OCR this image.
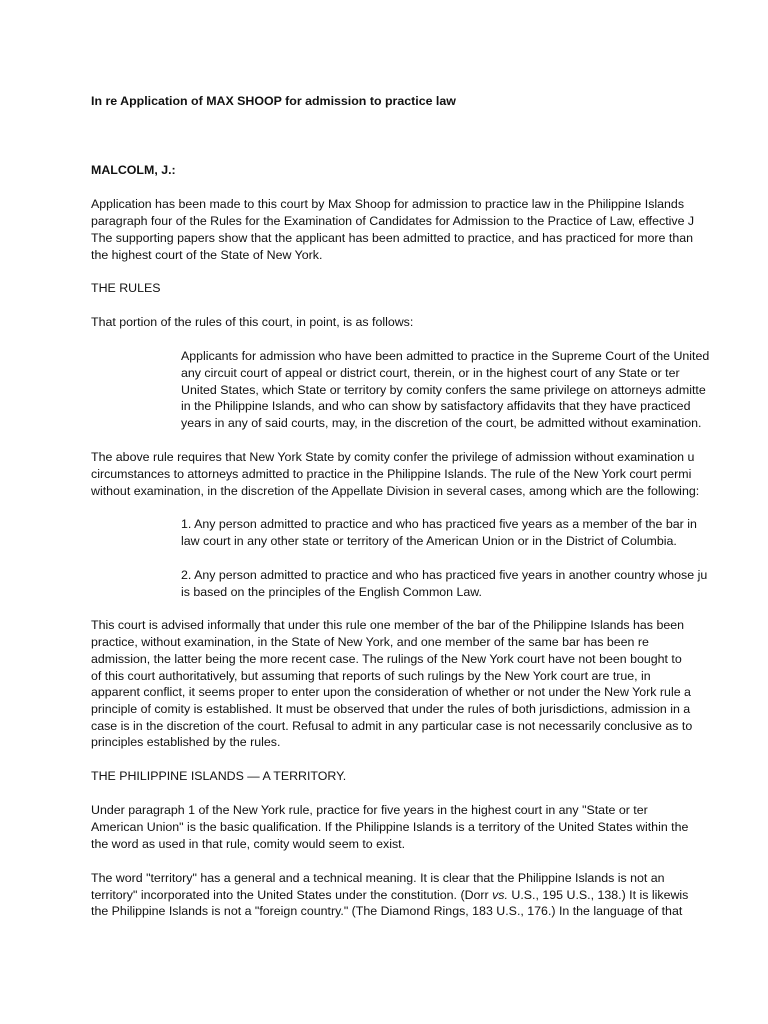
In re Application of MAX SHOOP for admission to practice law
MALCOLM, J.:
Application has been made to this court by Max Shoop for admission to practice law in the Philippine Islands
paragraph four of the Rules for the Examination of Candidates for Admission to the Practice of Law, effective J
The supporting papers show that the applicant has been admitted to practice, and has practiced for more than
the highest court of the State of New York.
THE RULES
That portion of the rules of this court, in point, is as follows:
Applicants for admission who have been admitted to practice in the Supreme Court of the United
any circuit court of appeal or district court, therein, or in the highest court of any State or ter
United States, which State or territory by comity confers the same privilege on attorneys admitte
in the Philippine Islands, and who can show by satisfactory affidavits that they have practiced
years in any of said courts, may, in the discretion of the court, be admitted without examination.
The above rule requires that New York State by comity confer the privilege of admission without examination u
circumstances to attorneys admitted to practice in the Philippine Islands. The rule of the New York court permi
without examination, in the discretion of the Appellate Division in several cases, among which are the following:
1. Any person admitted to practice and who has practiced five years as a member of the bar in
law court in any other state or territory of the American Union or in the District of Columbia.
2. Any person admitted to practice and who has practiced five years in another country whose ju
is based on the principles of the English Common Law.
This court is advised informally that under this rule one member of the bar of the Philippine Islands has been
practice, without examination, in the State of New York, and one member of the same bar has been re
admission, the latter being the more recent case. The rulings of the New York court have not been bought to
of this court authoritatively, but assuming that reports of such rulings by the New York court are true, in
apparent conflict, it seems proper to enter upon the consideration of whether or not under the New York rule a
principle of comity is established. It must be observed that under the rules of both jurisdictions, admission in a
case is in the discretion of the court. Refusal to admit in any particular case is not necessarily conclusive as to
principles established by the rules.
THE PHILIPPINE ISLANDS — A TERRITORY.
Under paragraph 1 of the New York rule, practice for five years in the highest court in any "State or ter
American Union" is the basic qualification. If the Philippine Islands is a territory of the United States within the
the word as used in that rule, comity would seem to exist.
The word "territory" has a general and a technical meaning. It is clear that the Philippine Islands is not an
territory" incorporated into the United States under the constitution. (Dorr vs. U.S., 195 U.S., 138.) It is likewis
the Philippine Islands is not a "foreign country." (The Diamond Rings, 183 U.S., 176.) In the language of that
